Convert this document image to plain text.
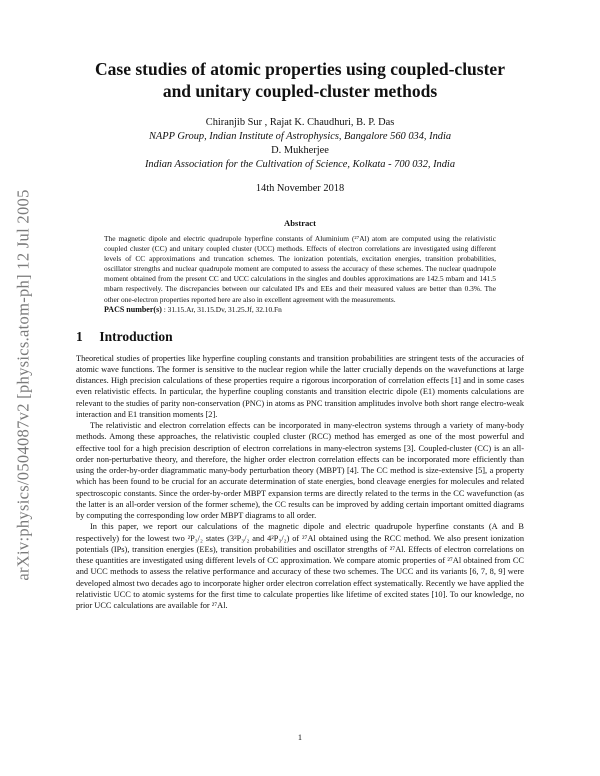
arXiv:physics/0504087v2 [physics.atom-ph] 12 Jul 2005
Case studies of atomic properties using coupled-cluster
and unitary coupled-cluster methods
Chiranjib Sur , Rajat K. Chaudhuri, B. P. Das
NAPP Group, Indian Institute of Astrophysics, Bangalore 560 034, India
D. Mukherjee
Indian Association for the Cultivation of Science, Kolkata - 700 032, India
14th November 2018
Abstract
The magnetic dipole and electric quadrupole hyperfine constants of Aluminium (²⁷Al) atom are computed using the relativistic coupled cluster (CC) and unitary coupled cluster (UCC) methods. Effects of electron correlations are investigated using different levels of CC approximations and truncation schemes. The ionization potentials, excitation energies, transition probabilities, oscillator strengths and nuclear quadrupole moment are computed to assess the accuracy of these schemes. The nuclear quadrupole moment obtained from the present CC and UCC calculations in the singles and doubles approximations are 142.5 mbarn and 141.5 mbarn respectively. The discrepancies between our calculated IPs and EEs and their measured values are better than 0.3%. The other one-electron properties reported here are also in excellent agreement with the measurements.
PACS number(s) : 31.15.Ar, 31.15.Dv, 31.25.Jf, 32.10.Fn
1 Introduction

Theoretical studies of properties like hyperfine coupling constants and transition probabilities are stringent tests of the accuracies of atomic wave functions. The former is sensitive to the nuclear region while the latter crucially depends on the wavefunctions at large distances. High precision calculations of these properties require a rigorous incorporation of correlation effects [1] and in some cases even relativistic effects. In particular, the hyperfine coupling constants and transition electric dipole (E1) moments calculations are relevant to the studies of parity non-conservation (PNC) in atoms as PNC transition amplitudes involve both short range electro-weak interaction and E1 transition moments [2].

The relativistic and electron correlation effects can be incorporated in many-electron systems through a variety of many-body methods. Among these approaches, the relativistic coupled cluster (RCC) method has emerged as one of the most powerful and effective tool for a high precision description of electron correlations in many-electron systems [3]. Coupled-cluster (CC) is an all-order non-perturbative theory, and therefore, the higher order electron correlation effects can be incorporated more efficiently than using the order-by-order diagrammatic many-body perturbation theory (MBPT) [4]. The CC method is size-extensive [5], a property which has been found to be crucial for an accurate determination of state energies, bond cleavage energies for molecules and related spectroscopic constants. Since the order-by-order MBPT expansion terms are directly related to the terms in the CC wavefunction (as the latter is an all-order version of the former scheme), the CC results can be improved by adding certain important omitted diagrams by computing the corresponding low order MBPT diagrams to all order.

In this paper, we report our calculations of the magnetic dipole and electric quadrupole hyperfine constants (A and B respectively) for the lowest two ²P₃/₂ states (3²P₃/₂ and 4²P₃/₂) of ²⁷Al obtained using the RCC method. We also present ionization potentials (IPs), transition energies (EEs), transition probabilities and oscillator strengths of ²⁷Al. Effects of electron correlations on these quantities are investigated using different levels of CC approximation. We compare atomic properties of ²⁷Al obtained from CC and UCC methods to assess the relative performance and accuracy of these two schemes. The UCC and its variants [6, 7, 8, 9] were developed almost two decades ago to incorporate higher order electron correlation effect systematically. Recently we have applied the relativistic UCC to atomic systems for the first time to calculate properties like lifetime of excited states [10]. To our knowledge, no prior UCC calculations are available for ²⁷Al.

1
